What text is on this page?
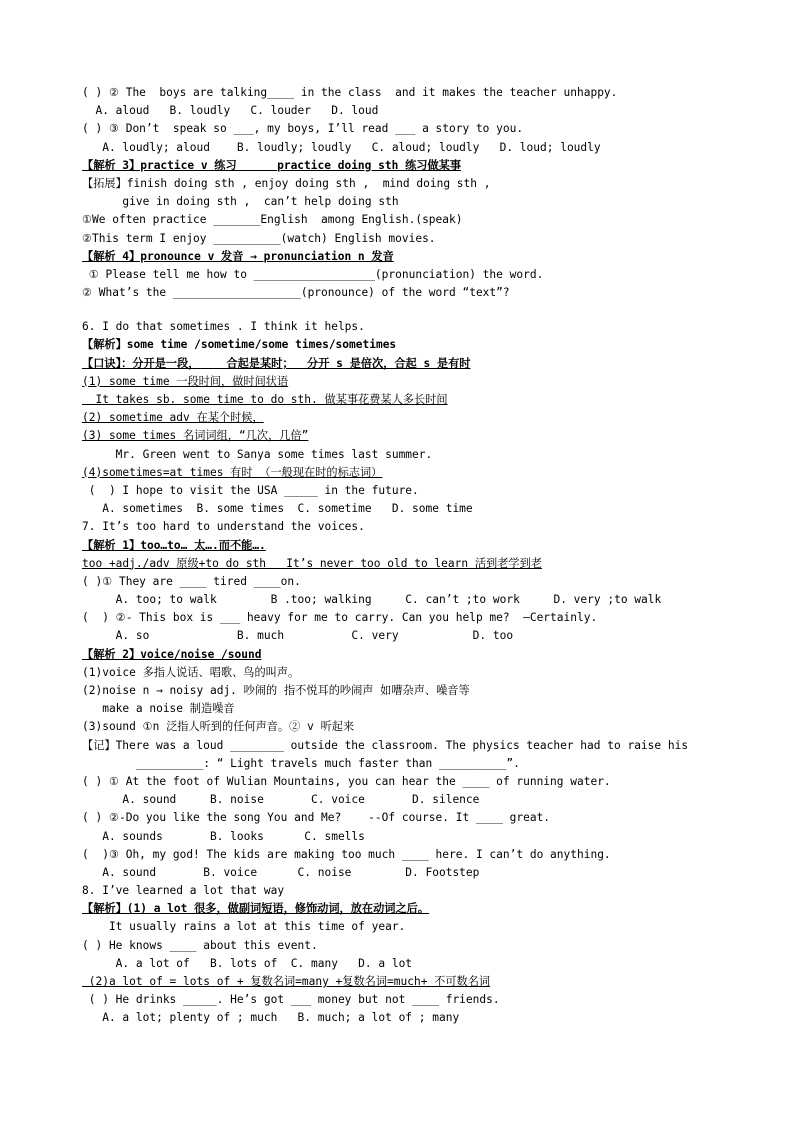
( ) ② The  boys are talking____ in the class  and it makes the teacher unhappy.
A. aloud   B. loudly   C. louder   D. loud
( ) ③ Don’t  speak so ___, my boys, I’ll read ___ a story to you.
A. loudly; aloud    B. loudly; loudly   C. aloud; loudly   D. loud; loudly
【解析 3】practice v 练习      practice doing sth 练习做某事
【拓展】finish doing sth , enjoy doing sth ,  mind doing sth ,
give in doing sth ,  can’t help doing sth
①We often practice _______English  among English.(speak)
②This term I enjoy __________(watch) English movies.
【解析 4】pronounce v 发音 → pronunciation n 发音
① Please tell me how to __________________(pronunciation) the word.
② What’s the ___________________(pronounce) of the word “text”?
6. I do that sometimes . I think it helps.
【解析】some time /sometime/some times/sometimes
【口诀】：分开是一段，    合起是某时；  分开 s 是倍次，合起 s 是有时
(1) some time 一段时间，做时间状语
It takes sb. some time to do sth. 做某事花费某人多长时间
(2) sometime adv 在某个时候，
(3) some times 名词词组，“几次，几倍”
Mr. Green went to Sanya some times last summer.
(4)sometimes=at times 有时 （一般现在时的标志词）
(  ) I hope to visit the USA _____ in the future.
A. sometimes  B. some times  C. sometime   D. some time
7. It’s too hard to understand the voices.
【解析 1】too…to… 太….而不能….
too +adj./adv 原级+to do sth   It’s never too old to learn 活到老学到老
( )① They are ____ tired ____on.
A. too; to walk        B .too; walking     C. can’t ;to work     D. very ;to walk
(  ) ②- This box is ___ heavy for me to carry. Can you help me?  —Certainly.
A. so             B. much          C. very           D. too
【解析 2】voice/noise /sound
(1)voice 多指人说话、唱歌、鸟的叫声。
(2)noise n → noisy adj. 吵闹的 指不悦耳的吵闹声 如嘈杂声、噪音等
make a noise 制造噪音
(3)sound ①n 泛指人听到的任何声音。② v 听起来
【记】There was a loud ________ outside the classroom. The physics teacher had to raise his
__________: “ Light travels much faster than __________”.
( ) ① At the foot of Wulian Mountains, you can hear the ____ of running water.
A. sound     B. noise       C. voice       D. silence
( ) ②-Do you like the song You and Me?    --Of course. It ____ great.
A. sounds       B. looks      C. smells
(  )③ Oh, my god! The kids are making too much ____ here. I can’t do anything.
A. sound       B. voice      C. noise        D. Footstep
8. I’ve learned a lot that way
【解析】(1) a lot 很多，做副词短语，修饰动词，放在动词之后。
It usually rains a lot at this time of year.
( ) He knows ____ about this event.
A. a lot of   B. lots of  C. many   D. a lot
(2)a lot of = lots of + 复数名词=many +复数名词=much+ 不可数名词
( ) He drinks _____. He’s got ___ money but not ____ friends.
A. a lot; plenty of ; much   B. much; a lot of ; many
